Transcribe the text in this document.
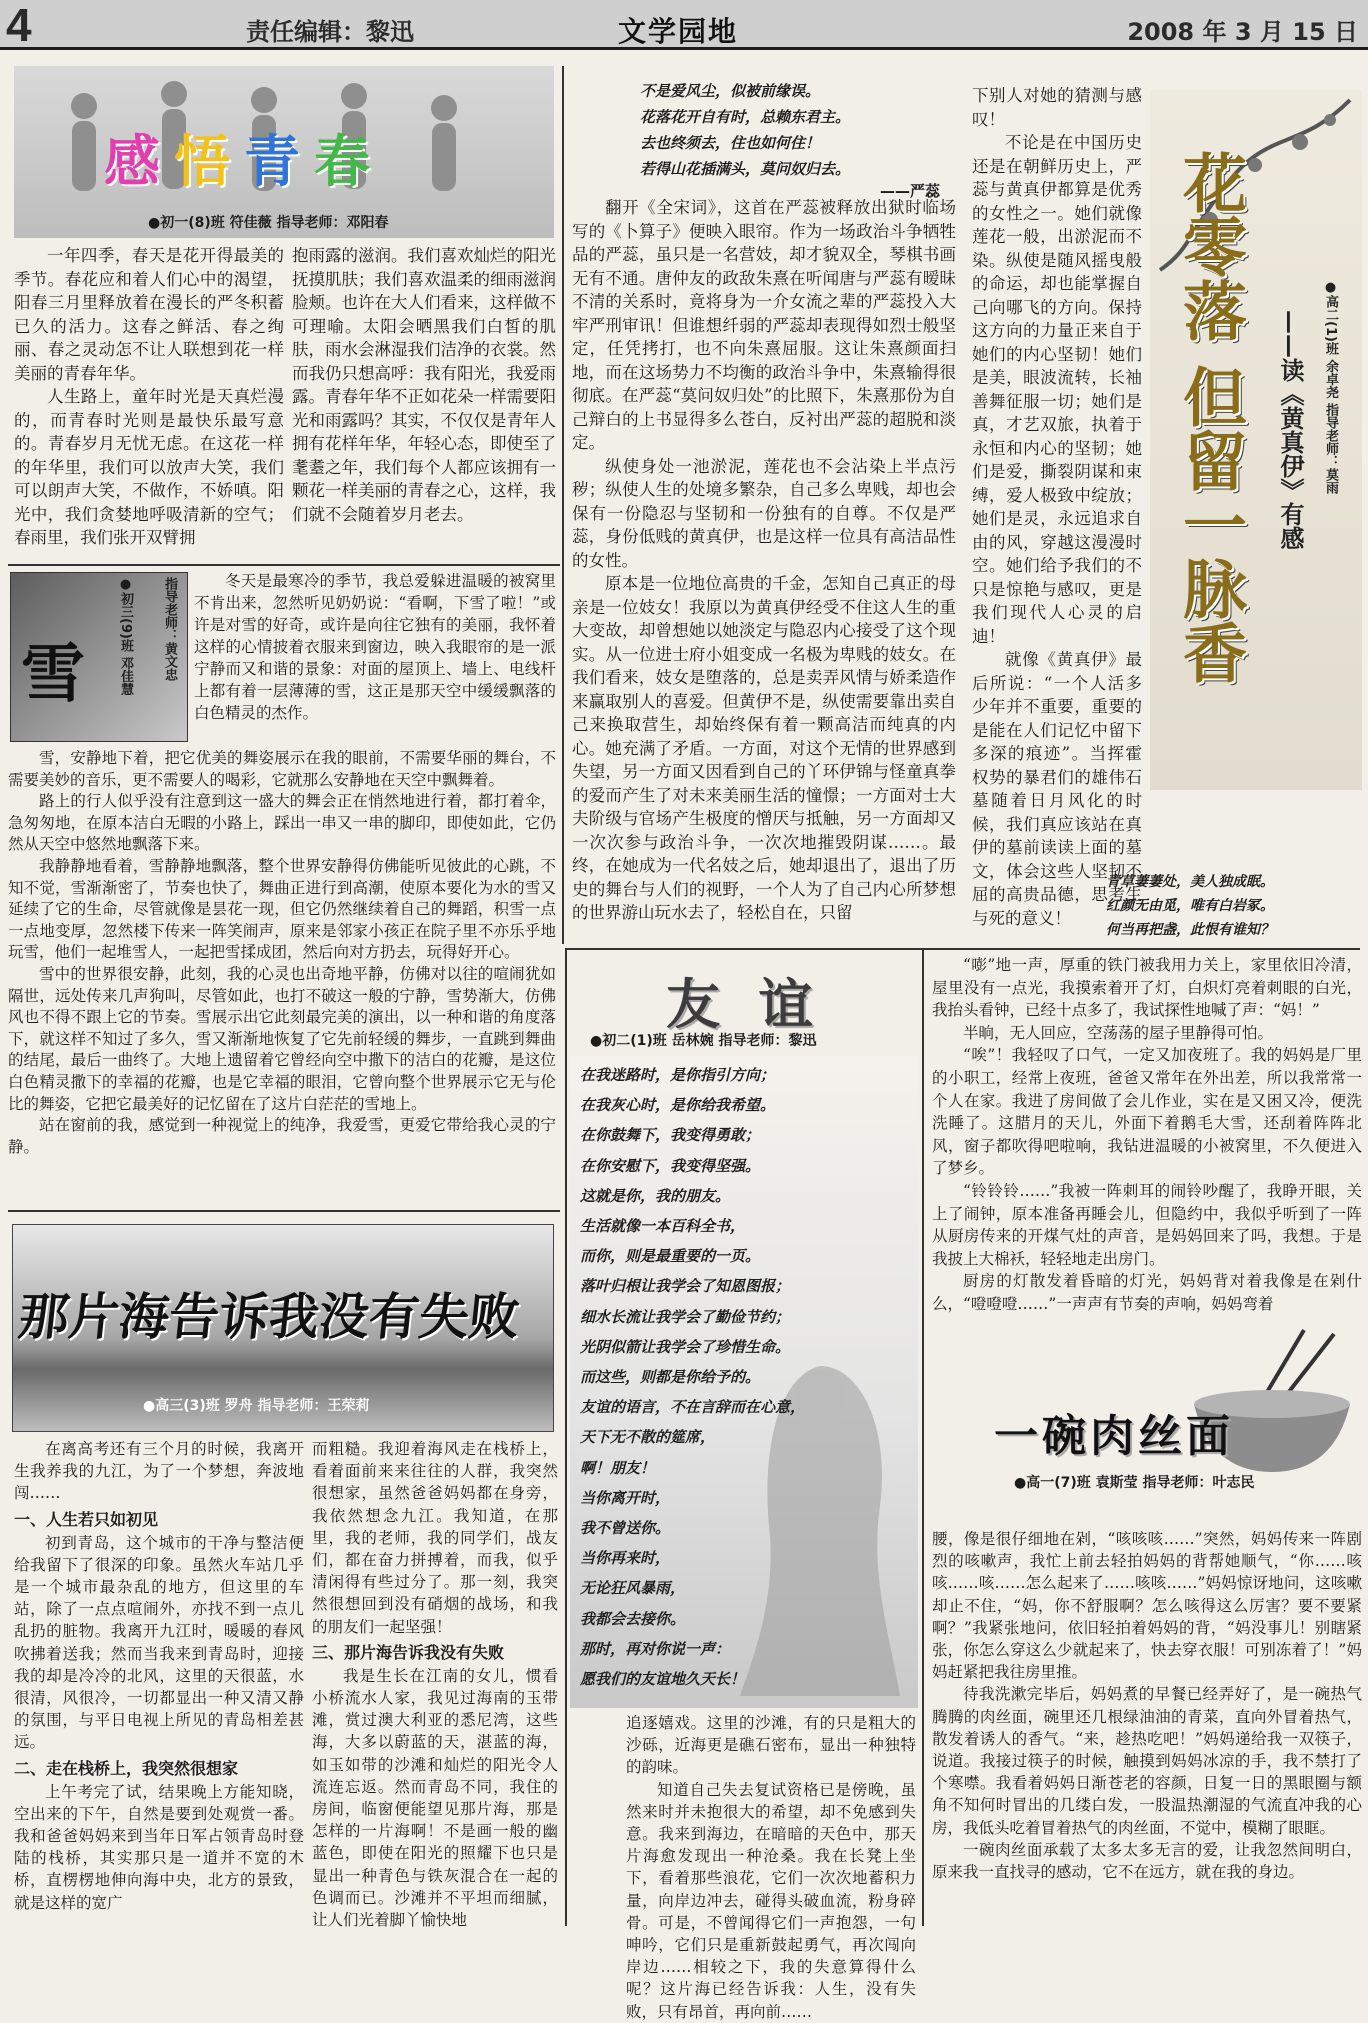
4	责任编辑：黎迅	文学园地	2008 年 3 月 15 日
感悟青春
●初一(8)班 符佳薇 指导老师：邓阳春

一年四季，春天是花开得最美的季节。春花应和着人们心中的渴望，阳春三月里释放着在漫长的严冬积蓄已久的活力。这春之鲜活、春之绚丽、春之灵动怎不让人联想到花一样美丽的青春年华。

人生路上，童年时光是天真烂漫的，而青春时光则是最快乐最写意的。青春岁月无忧无虑。在这花一样的年华里，我们可以放声大笑，我们可以朗声大笑，不做作，不娇嗔。阳光中，我们贪婪地呼吸清新的空气；春雨里，我们张开双臂拥

抱雨露的滋润。我们喜欢灿烂的阳光抚摸肌肤；我们喜欢温柔的细雨滋润脸颊。也许在大人们看来，这样做不可理喻。太阳会晒黑我们白皙的肌肤，雨水会淋湿我们洁净的衣裳。然而我仍只想高呼：我有阳光，我爱雨露。青春年华不正如花朵一样需要阳光和雨露吗？其实，不仅仅是青年人拥有花样年华，年轻心态，即使至了耄耋之年，我们每个人都应该拥有一颗花一样美丽的青春之心，这样，我们就不会随着岁月老去。

雪	●初三(9)班 邓佳慧	指导老师：黄文忠	冬天是最寒冷的季节，我总爱躲进温暖的被窝里不肯出来，忽然听见奶奶说：“看啊，下雪了啦！”或许是对雪的好奇，或许是向往它独有的美丽，我怀着这样的心情披着衣服来到窗边，映入我眼帘的是一派宁静而又和谐的景象：对面的屋顶上、墙上、电线杆上都有着一层薄薄的雪，这正是那天空中缓缓飘落的白色精灵的杰作。

雪，安静地下着，把它优美的舞姿展示在我的眼前，不需要华丽的舞台，不需要美妙的音乐，更不需要人的喝彩，它就那么安静地在天空中飘舞着。

路上的行人似乎没有注意到这一盛大的舞会正在悄然地进行着，都打着伞，急匆匆地，在原本洁白无暇的小路上，踩出一串又一串的脚印，即使如此，它仍然从天空中悠然地飘落下来。

我静静地看着，雪静静地飘落，整个世界安静得仿佛能听见彼此的心跳，不知不觉，雪渐渐密了，节奏也快了，舞曲正进行到高潮，使原本要化为水的雪又延续了它的生命，尽管就像是昙花一现，但它仍然继续着自己的舞蹈，积雪一点一点地变厚，忽然楼下传来一阵笑闹声，原来是邻家小孩正在院子里不亦乐乎地玩雪，他们一起堆雪人，一起把雪揉成团，然后向对方扔去，玩得好开心。

雪中的世界很安静，此刻，我的心灵也出奇地平静，仿佛对以往的喧闹犹如隔世，远处传来几声狗叫，尽管如此，也打不破这一般的宁静，雪势渐大，仿佛风也不得不跟上它的节奏。雪展示出它此刻最完美的演出，以一种和谐的角度落下，就这样不知过了多久，雪又渐渐地恢复了它先前轻缓的舞步，一直跳到舞曲的结尾，最后一曲终了。大地上遗留着它曾经向空中撒下的洁白的花瓣，是这位白色精灵撒下的幸福的花瓣，也是它幸福的眼泪，它曾向整个世界展示它无与伦比的舞姿，它把它最美好的记忆留在了这片白茫茫的雪地上。

站在窗前的我，感觉到一种视觉上的纯净，我爱雪，更爱它带给我心灵的宁静。

那片海告诉我没有失败
●高三(3)班 罗舟 指导老师：王荣莉

在离高考还有三个月的时候，我离开生我养我的九江，为了一个梦想，奔波地闯……

一、人生若只如初见

初到青岛，这个城市的干净与整洁便给我留下了很深的印象。虽然火车站几乎是一个城市最杂乱的地方，但这里的车站，除了一点点喧闹外，亦找不到一点儿乱扔的脏物。我离开九江时，暖暖的春风吹拂着送我；然而当我来到青岛时，迎接我的却是冷冷的北风，这里的天很蓝，水很清，风很冷，一切都显出一种又清又静的氛围，与平日电视上所见的青岛相差甚远。

二、走在栈桥上，我突然很想家

上午考完了试，结果晚上方能知晓，空出来的下午，自然是要到处观赏一番。我和爸爸妈妈来到当年日军占领青岛时登陆的栈桥，其实那只是一道并不宽的木桥，直楞楞地伸向海中央，北方的景致，就是这样的宽广

而粗糙。我迎着海风走在栈桥上，看着面前来来往往的人群，我突然很想家，虽然爸爸妈妈都在身旁，我依然想念九江。我知道，在那里，我的老师，我的同学们，战友们，都在奋力拼搏着，而我，似乎清闲得有些过分了。那一刻，我突然很想回到没有硝烟的战场，和我的朋友们一起坚强！

三、那片海告诉我没有失败

我是生长在江南的女儿，惯看小桥流水人家，我见过海南的玉带滩，赏过澳大利亚的悉尼湾，这些海，大多以蔚蓝的天，湛蓝的海，如玉如带的沙滩和灿烂的阳光令人流连忘返。然而青岛不同，我住的房间，临窗便能望见那片海，那是怎样的一片海啊！不是画一般的幽蓝色，即使在阳光的照耀下也只是显出一种青色与铁灰混合在一起的色调而已。沙滩并不平坦而细腻，让人们光着脚丫愉快地

追逐嬉戏。这里的沙滩，有的只是粗大的沙砾，近海更是礁石密布，显出一种独特的韵味。

知道自己失去复试资格已是傍晚，虽然来时并未抱很大的希望，却不免感到失意。我来到海边，在暗暗的天色中，那天片海愈发现出一种沧桑。我在长凳上坐下，看着那些浪花，它们一次次地蓄积力量，向岸边冲去，碰得头破血流，粉身碎骨。可是，不曾闻得它们一声抱怨，一句呻吟，它们只是重新鼓起勇气，再次闯向岸边……相较之下，我的失意算得什么呢？这片海已经告诉我：人生，没有失败，只有昂首，再向前……

不是爱风尘，似被前缘误。
花落花开自有时，总赖东君主。
去也终须去，住也如何住！
若得山花插满头，莫问奴归去。
——严蕊

翻开《全宋词》，这首在严蕊被释放出狱时临场写的《卜算子》便映入眼帘。作为一场政治斗争牺牲品的严蕊，虽只是一名营妓，却才貌双全，琴棋书画无有不通。唐仲友的政敌朱熹在听闻唐与严蕊有暧昧不清的关系时，竟将身为一介女流之辈的严蕊投入大牢严刑审讯！但谁想纤弱的严蕊却表现得如烈士般坚定，任凭拷打，也不向朱熹屈服。这让朱熹颜面扫地，而在这场势力不均衡的政治斗争中，朱熹输得很彻底。在严蕊“莫问奴归处”的比照下，朱熹那份为自己辩白的上书显得多么苍白，反衬出严蕊的超脱和淡定。

纵使身处一池淤泥，莲花也不会沾染上半点污秽；纵使人生的处境多繁杂，自己多么卑贱，却也会保有一份隐忍与坚韧和一份独有的自尊。不仅是严蕊，身份低贱的黄真伊，也是这样一位具有高洁品性的女性。

原本是一位地位高贵的千金，怎知自己真正的母亲是一位妓女！我原以为黄真伊经受不住这人生的重大变故，却曾想她以她淡定与隐忍内心接受了这个现实。从一位进士府小姐变成一名极为卑贱的妓女。在我们看来，妓女是堕落的，总是卖弄风情与娇柔造作来赢取别人的喜爱。但黄伊不是，纵使需要靠出卖自己来换取营生，却始终保有着一颗高洁而纯真的内心。她充满了矛盾。一方面，对这个无情的世界感到失望，另一方面又因看到自己的丫环伊锦与怪童真拳的爱而产生了对未来美丽生活的憧憬；一方面对士大夫阶级与官场产生极度的憎厌与抵触，另一方面却又一次次参与政治斗争，一次次地摧毁阴谋……。最终，在她成为一代名妓之后，她却退出了，退出了历史的舞台与人们的视野，一个人为了自己内心所梦想的世界游山玩水去了，轻松自在，只留

下别人对她的猜测与感叹！

不论是在中国历史还是在朝鲜历史上，严蕊与黄真伊都算是优秀的女性之一。她们就像莲花一般，出淤泥而不染。纵使是随风摇曳般的命运，却也能掌握自己向哪飞的方向。保持这方向的力量正来自于她们的内心坚韧！她们是美，眼波流转，长袖善舞征服一切；她们是真，才艺双旅，执着于永恒和内心的坚韧；她们是爱，撕裂阴谋和束缚，爱人极致中绽放；她们是灵，永远追求自由的风，穿越这漫漫时空。她们给予我们的不只是惊艳与感叹，更是我们现代人心灵的启迪！

就像《黄真伊》最后所说：“一个人活多少年并不重要，重要的是能在人们记忆中留下多深的痕迹”。当挥霍权势的暴君们的雄伟石墓随着日月风化的时候，我们真应该站在真伊的墓前读读上面的墓文，体会这些人坚韧不屈的高贵品德，思考生与死的意义！

花零落 但留一脉香	——读《黄真伊》有感	●高二(1)班 余卓尧 指导老师：莫雨
青草萋萋处，美人独成眠。
红颜无由觅，唯有白岩冢。
何当再把盏，此恨有谁知？
友 谊
●初二(1)班 岳林婉 指导老师：黎迅
在我迷路时，是你指引方向；
在我灰心时，是你给我希望。
在你鼓舞下，我变得勇敢；
在你安慰下，我变得坚强。
这就是你，我的朋友。
生活就像一本百科全书，
而你，则是最重要的一页。
落叶归根让我学会了知恩图报；
细水长流让我学会了勤俭节约；
光阴似箭让我学会了珍惜生命。
而这些，则都是你给予的。
友谊的语言，不在言辞而在心意，
天下无不散的筵席，
啊！朋友！
当你离开时，
我不曾送你。
当你再来时，
无论狂风暴雨，
我都会去接你。
那时，再对你说一声：
愿我们的友谊地久天长！

“嘭”地一声，厚重的铁门被我用力关上，家里依旧冷清，屋里没有一点光，我摸索着开了灯，白炽灯亮着刺眼的白光，我抬头看钟，已经十点多了，我试探性地喊了声：“妈！”

半晌，无人回应，空荡荡的屋子里静得可怕。

“唉”！我轻叹了口气，一定又加夜班了。我的妈妈是厂里的小职工，经常上夜班，爸爸又常年在外出差，所以我常常一个人在家。我进了房间做了会儿作业，实在是又困又冷，便洗洗睡了。这腊月的天儿，外面下着鹅毛大雪，还刮着阵阵北风，窗子都吹得吧啦响，我钻进温暖的小被窝里，不久便进入了梦乡。

“铃铃铃……”我被一阵刺耳的闹铃吵醒了，我睁开眼，关上了闹钟，原本准备再睡会儿，但隐约中，我似乎听到了一阵从厨房传来的开煤气灶的声音，是妈妈回来了吗，我想。于是我披上大棉袄，轻轻地走出房门。

厨房的灯散发着昏暗的灯光，妈妈背对着我像是在剁什么，“噔噔噔……”一声声有节奏的声响，妈妈弯着

一碗肉丝面
●高一(7)班 袁斯莹 指导老师：叶志民

腰，像是很仔细地在剁，“咳咳咳……”突然，妈妈传来一阵剧烈的咳嗽声，我忙上前去轻拍妈妈的背帮她顺气，“你……咳咳……咳……怎么起来了……咳咳……”妈妈惊讶地问，这咳嗽却止不住，“妈，你不舒服啊？怎么咳得这么厉害？要不要紧啊？”我紧张地问，依旧轻拍着妈妈的背，“妈没事儿！别瞎紧张，你怎么穿这么少就起来了，快去穿衣服！可别冻着了！”妈妈赶紧把我往房里推。

待我洗漱完毕后，妈妈煮的早餐已经弄好了，是一碗热气腾腾的肉丝面，碗里还几根绿油油的青菜，直向外冒着热气，散发着诱人的香气。“来，趁热吃吧！”妈妈递给我一双筷子，说道。我接过筷子的时候，触摸到妈妈冰凉的手，我不禁打了个寒噤。我看着妈妈日渐苍老的容颜，日复一日的黑眼圈与额角不知何时冒出的几缕白发，一股温热潮湿的气流直冲我的心房，我低头吃着冒着热气的肉丝面，不觉中，模糊了眼眶。

一碗肉丝面承载了太多太多无言的爱，让我忽然间明白，原来我一直找寻的感动，它不在远方，就在我的身边。
